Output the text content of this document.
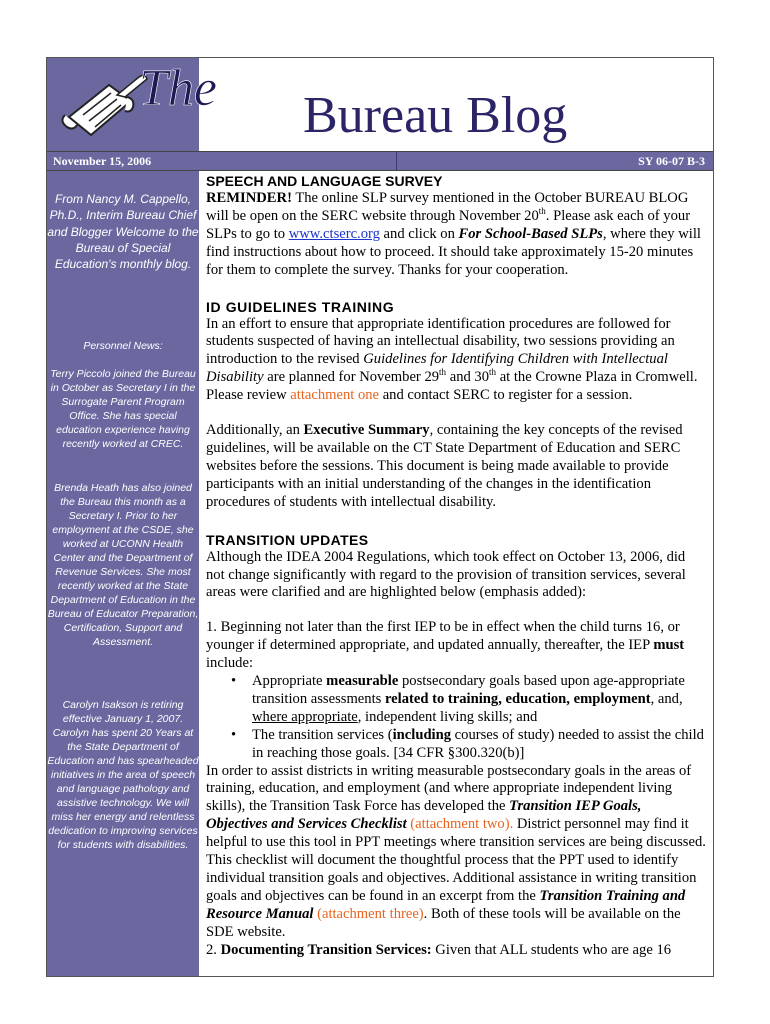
The Bureau Blog
November 15, 2006	SY 06-07 B-3

From Nancy M. Cappello, Ph.D., Interim Bureau Chief and Blogger Welcome to the Bureau of Special Education's monthly blog.

Personnel News:

Terry Piccolo joined the Bureau in October as Secretary I in the Surrogate Parent Program Office. She has special education experience having recently worked at CREC.

Brenda Heath has also joined the Bureau this month as a Secretary I. Prior to her employment at the CSDE, she worked at UCONN Health Center and the Department of Revenue Services. She most recently worked at the State Department of Education in the Bureau of Educator Preparation, Certification, Support and Assessment.

Carolyn Isakson is retiring effective January 1, 2007. Carolyn has spent 20 Years at the State Department of Education and has spearheaded initiatives in the area of speech and language pathology and assistive technology. We will miss her energy and relentless dedication to improving services for students with disabilities.

SPEECH AND LANGUAGE SURVEY

REMINDER! The online SLP survey mentioned in the October BUREAU BLOG will be open on the SERC website through November 20th. Please ask each of your SLPs to go to www.ctserc.org and click on For School-Based SLPs, where they will find instructions about how to proceed. It should take approximately 15-20 minutes for them to complete the survey. Thanks for your cooperation.

ID GUIDELINES TRAINING

In an effort to ensure that appropriate identification procedures are followed for students suspected of having an intellectual disability, two sessions providing an introduction to the revised Guidelines for Identifying Children with Intellectual Disability are planned for November 29th and 30th at the Crowne Plaza in Cromwell. Please review attachment one and contact SERC to register for a session.

Additionally, an Executive Summary, containing the key concepts of the revised guidelines, will be available on the CT State Department of Education and SERC websites before the sessions. This document is being made available to provide participants with an initial understanding of the changes in the identification procedures of students with intellectual disability.

TRANSITION UPDATES

Although the IDEA 2004 Regulations, which took effect on October 13, 2006, did not change significantly with regard to the provision of transition services, several areas were clarified and are highlighted below (emphasis added):

1. Beginning not later than the first IEP to be in effect when the child turns 16, or younger if determined appropriate, and updated annually, thereafter, the IEP must include:

• Appropriate measurable postsecondary goals based upon age-appropriate transition assessments related to training, education, employment, and, where appropriate, independent living skills; and
• The transition services (including courses of study) needed to assist the child in reaching those goals. [34 CFR §300.320(b)]

In order to assist districts in writing measurable postsecondary goals in the areas of training, education, and employment (and where appropriate independent living skills), the Transition Task Force has developed the Transition IEP Goals, Objectives and Services Checklist (attachment two). District personnel may find it helpful to use this tool in PPT meetings where transition services are being discussed. This checklist will document the thoughtful process that the PPT used to identify individual transition goals and objectives. Additional assistance in writing transition goals and objectives can be found in an excerpt from the Transition Training and Resource Manual (attachment three). Both of these tools will be available on the SDE website.

2. Documenting Transition Services: Given that ALL students who are age 16
